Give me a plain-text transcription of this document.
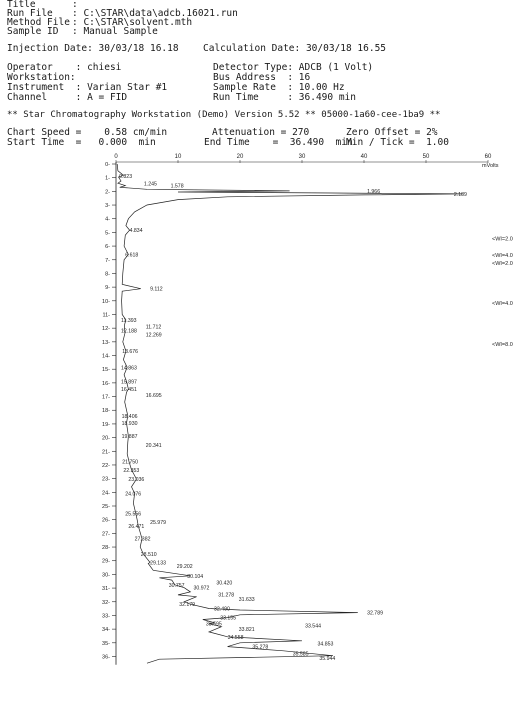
Title	:
Run File : C:\STAR\data\adcb.16021.run
Method File : C:\STAR\solvent.mth
Sample ID : Manual Sample
Injection Date: 30/03/18 16.18	Calculation Date: 30/03/18 16.55
Operator    : chiesi
Workstation:
Instrument  : Varian Star #1
Channel     : A = FID
Detector Type: ADCB (1 Volt)
Bus Address  : 16
Sample Rate  : 10.00 Hz
Run Time     : 36.490 min
** Star Chromatography Workstation (Demo) Version 5.52 ** 05000-1a60-cee-1ba9 **
Chart Speed =    0.58 cm/min	Attenuation = 270	Zero Offset = 2%
Start Time  =   0.000  min	End Time    =  36.490  min
Min / Tick =  1.00
0-
1-
2-
3-
4-
5-
6-
7-
8-
9-
10-
11-
12-
13-
14-
15-
16-
17-
18-
19-
20-
21-
22-
23-
24-
25-
26-
27-
28-
29-
30-
31-
32-
33-
34-
35-
36-
0	10	20	30	40	50	60
mVolts
0.823
1.245	1.578
1.966	2.189
4.834
6.618
9.112
11.393
11.712
12.188
12.269
13.676
14.863
15.897
16.451
16.695
18.406
18.930
19.887
20.341
21.750
22.353
23.036
24.076
25.556
25.979
26.471
27.382
28.510
29.133
29.202
30.104
30.420
30.757 30.972
31.278
31.633
32.179
32.490
32.789
33.155
33.544
33.595
33.821
34.558
34.853
35.278
35.585
35.944
<WI=2.0
<WI=4.0
<WI=2.0
<WI=4.0
<WI=8.0
